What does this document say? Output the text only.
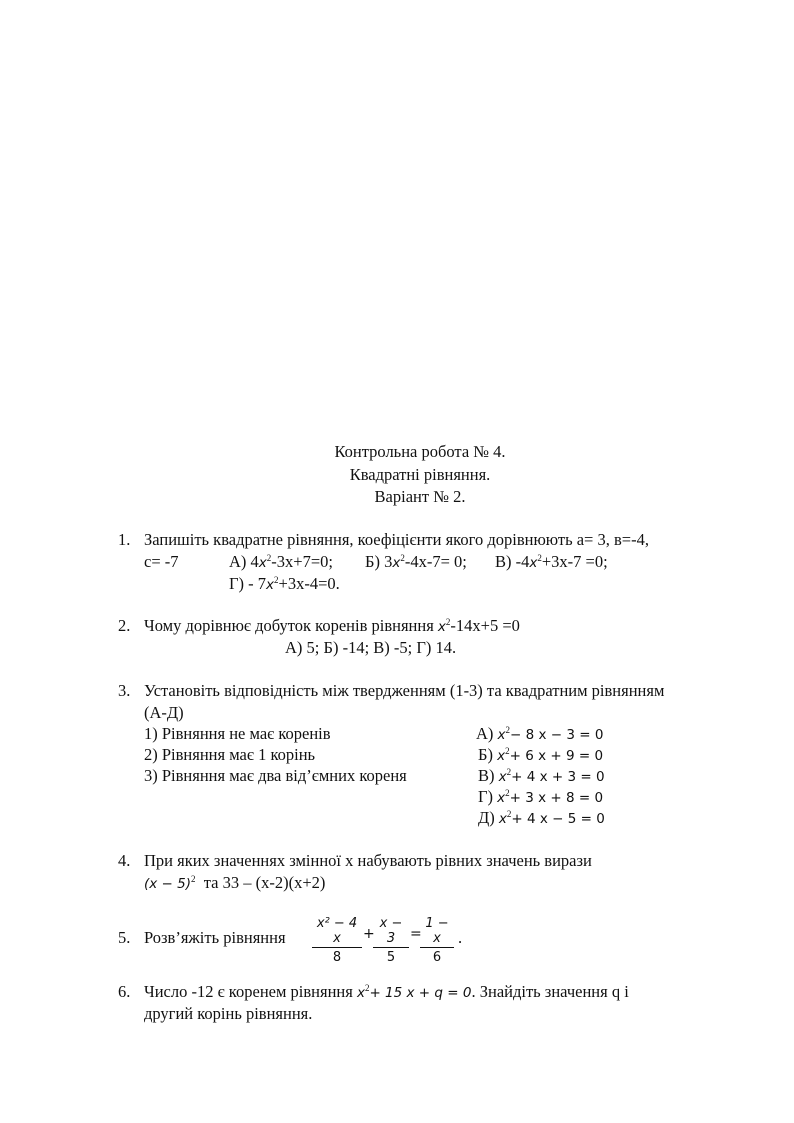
Контрольна робота № 4.
Квадратні рівняння.
Варіант № 2.
1. Запишіть квадратне рівняння, коефіцієнти якого дорівнюють а= 3, в=-4,
с= -7	А) $4x^2-3х+7=0$; Б) $3x^2-4х-7= 0$; В) $-4x^2+3х-7 =0$;
$Г) - 7x^2+3х-4=0$.
2. Чому дорівнює добуток коренів рівняння $x^2-14х+5 =0$
А) 5; Б) -14; В) -5; Г) 14.
3. Установіть відповідність між твердженням (1-3) та квадратним рівнянням
(А-Д)
1) Рівняння не має коренів
2) Рівняння має 1 корінь
3) Рівняння має два від’ємних кореня
А) $x^2- 8$ x − 3 = 0
Б) $x^2+ 6$ x + 9 = 0
В) $x^2+ 4$ x + 3 = 0
Г) $x^2+ 3$ x + 8 = 0
Д) $x^2+ 4$ x − 5 = 0
4. При яких значеннях змінної х набувають рівних значень вирази
$(x - 5)^2$ та 33 – (х-2)(х+2)
5. Розв’яжіть рівняння
x² − 4 x
8
+
x − 3
5
=
1 − x
6
.
6. Число -12 є коренем рівняння $x^2+ 15$ x + q = 0. Знайдіть значення q і
другий корінь рівняння.
